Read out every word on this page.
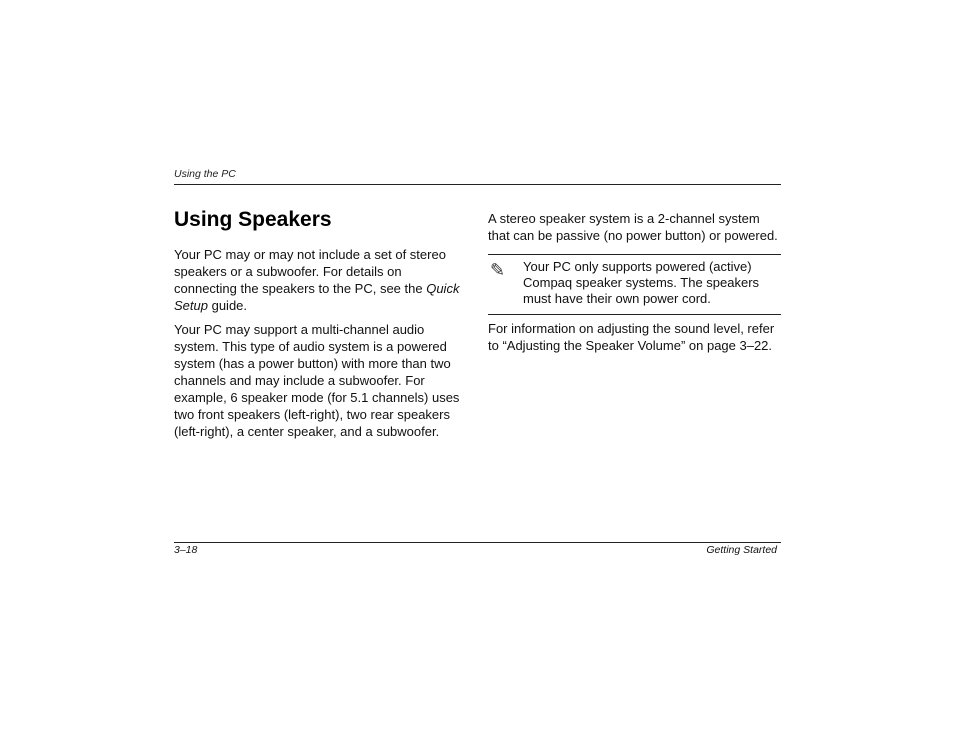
Using the PC
Using Speakers

Your PC may or may not include a set of stereo speakers or a subwoofer. For details on connecting the speakers to the PC, see the Quick Setup guide.

Your PC may support a multi-channel audio system. This type of audio system is a powered system (has a power button) with more than two channels and may include a subwoofer. For example, 6 speaker mode (for 5.1 channels) uses two front speakers (left-right), two rear speakers (left-right), a center speaker, and a subwoofer.

A stereo speaker system is a 2-channel system that can be passive (no power button) or powered.

✎ Your PC only supports powered (active) Compaq speaker systems. The speakers must have their own power cord.

For information on adjusting the sound level, refer to “Adjusting the Speaker Volume” on page 3–22.

3–18	Getting Started
